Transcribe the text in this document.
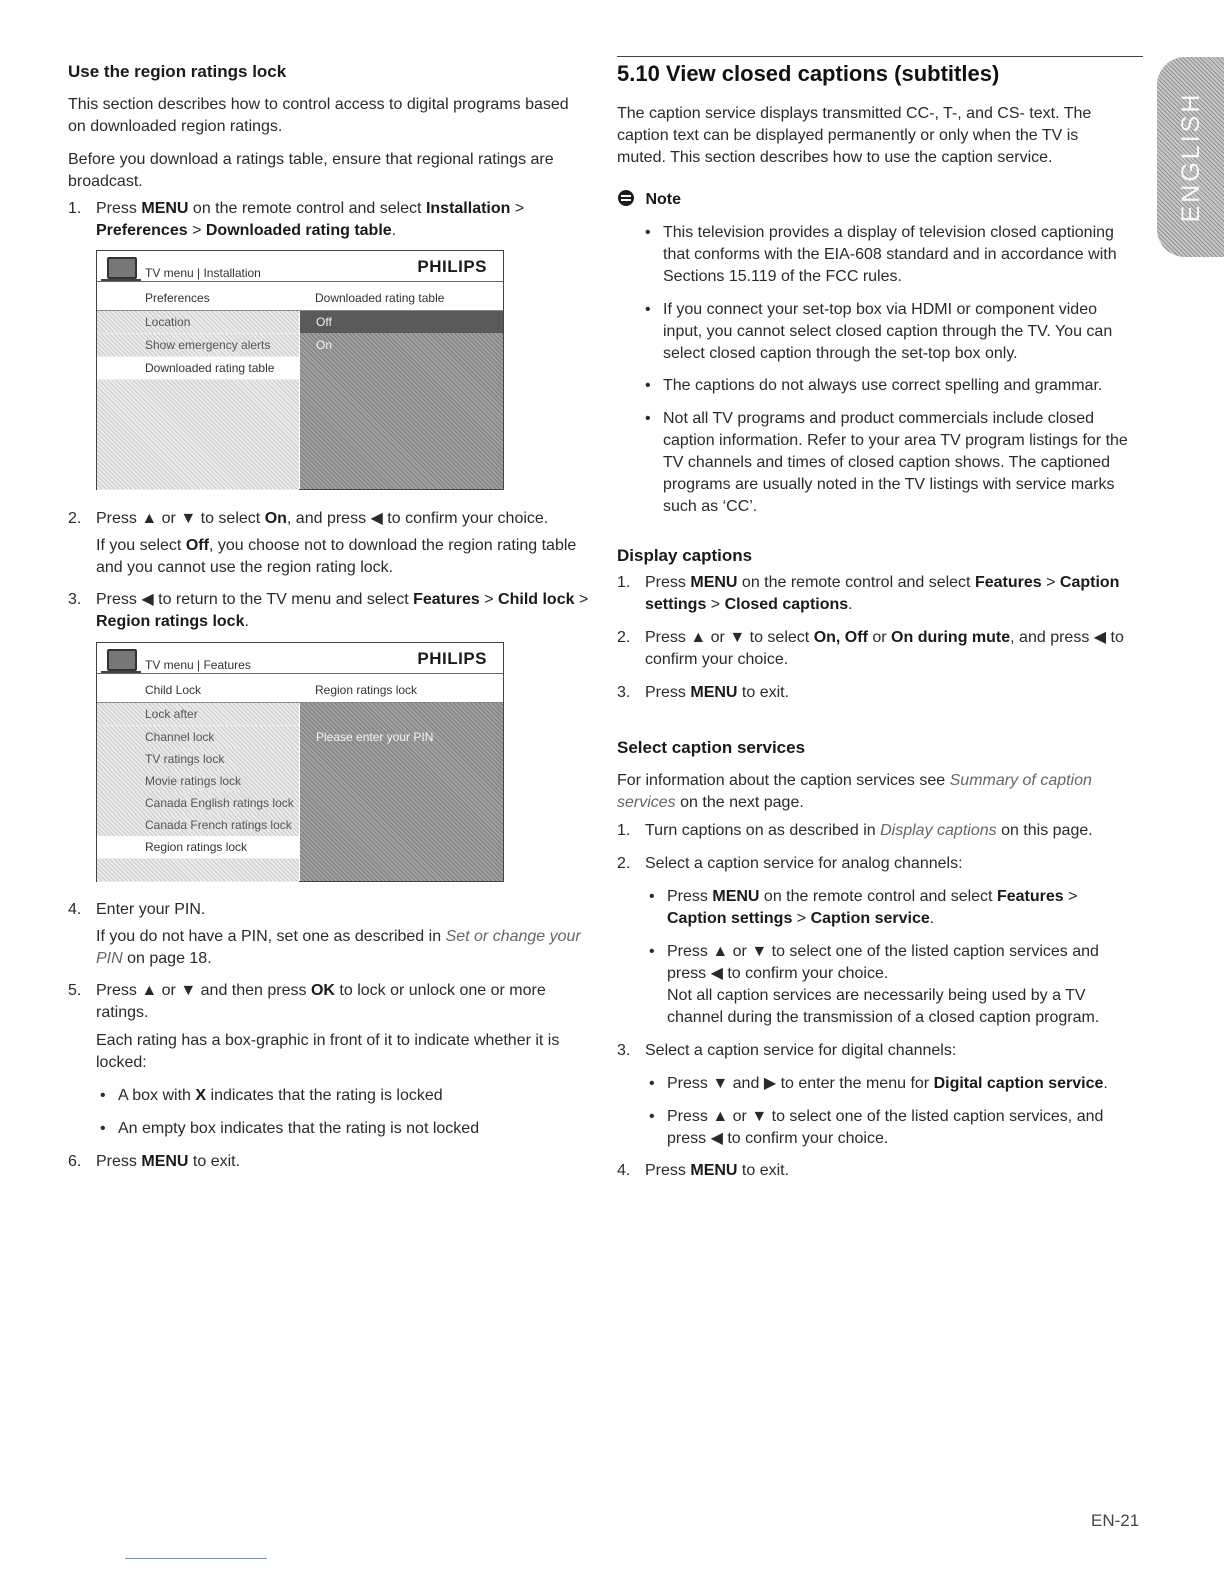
Use the region ratings lock

This section describes how to control access to digital programs based on downloaded region ratings.

Before you download a ratings table, ensure that regional ratings are broadcast.

1. Press MENU on the remote control and select Installation > Preferences > Downloaded rating table.
TV menu | Installation	PHILIPS
Preferences	Downloaded rating table
Location
Show emergency alerts
Downloaded rating table
Off
On
2. Press ▲ or ▼ to select On, and press ◀ to confirm your choice.

If you select Off, you choose not to download the region rating table and you cannot use the region rating lock.

3. Press ◀ to return to the TV menu and select Features > Child lock > Region ratings lock.
TV menu | Features	PHILIPS
Child Lock	Region ratings lock
Lock after
Channel lock
TV ratings lock
Movie ratings lock
Canada English ratings lock
Canada French ratings lock
Region ratings lock
Please enter your PIN
4. Enter your PIN.

If you do not have a PIN, set one as described in Set or change your PIN on page 18.

5. Press ▲ or ▼ and then press OK to lock or unlock one or more ratings.

Each rating has a box-graphic in front of it to indicate whether it is locked:

• A box with X indicates that the rating is locked
• An empty box indicates that the rating is not locked
6. Press MENU to exit.
5.10 View closed captions (subtitles)

The caption service displays transmitted CC-, T-, and CS- text. The caption text can be displayed permanently or only when the TV is muted. This section describes how to use the caption service.

Note
• This television provides a display of television closed captioning that conforms with the EIA-608 standard and in accordance with Sections 15.119 of the FCC rules.
• If you connect your set-top box via HDMI or component video input, you cannot select closed caption through the TV. You can select closed caption through the set-top box only.
• The captions do not always use correct spelling and grammar.
• Not all TV programs and product commercials include closed caption information. Refer to your area TV program listings for the TV channels and times of closed caption shows. The captioned programs are usually noted in the TV listings with service marks such as ‘CC’.
Display captions
1. Press MENU on the remote control and select Features > Caption settings > Closed captions.
2. Press ▲ or ▼ to select On, Off or On during mute, and press ◀ to confirm your choice.
3. Press MENU to exit.
Select caption services

For information about the caption services see Summary of caption services on the next page.

1. Turn captions on as described in Display captions on this page.
2. Select a caption service for analog channels:
• Press MENU on the remote control and select Features > Caption settings > Caption service.
• Press ▲ or ▼ to select one of the listed caption services and press ◀ to confirm your choice.
Not all caption services are necessarily being used by a TV channel during the transmission of a closed caption program.
3. Select a caption service for digital channels:
• Press ▼ and ▶ to enter the menu for Digital caption service.
• Press ▲ or ▼ to select one of the listed caption services, and press ◀ to confirm your choice.
4. Press MENU to exit.
ENGLISH
EN-21
